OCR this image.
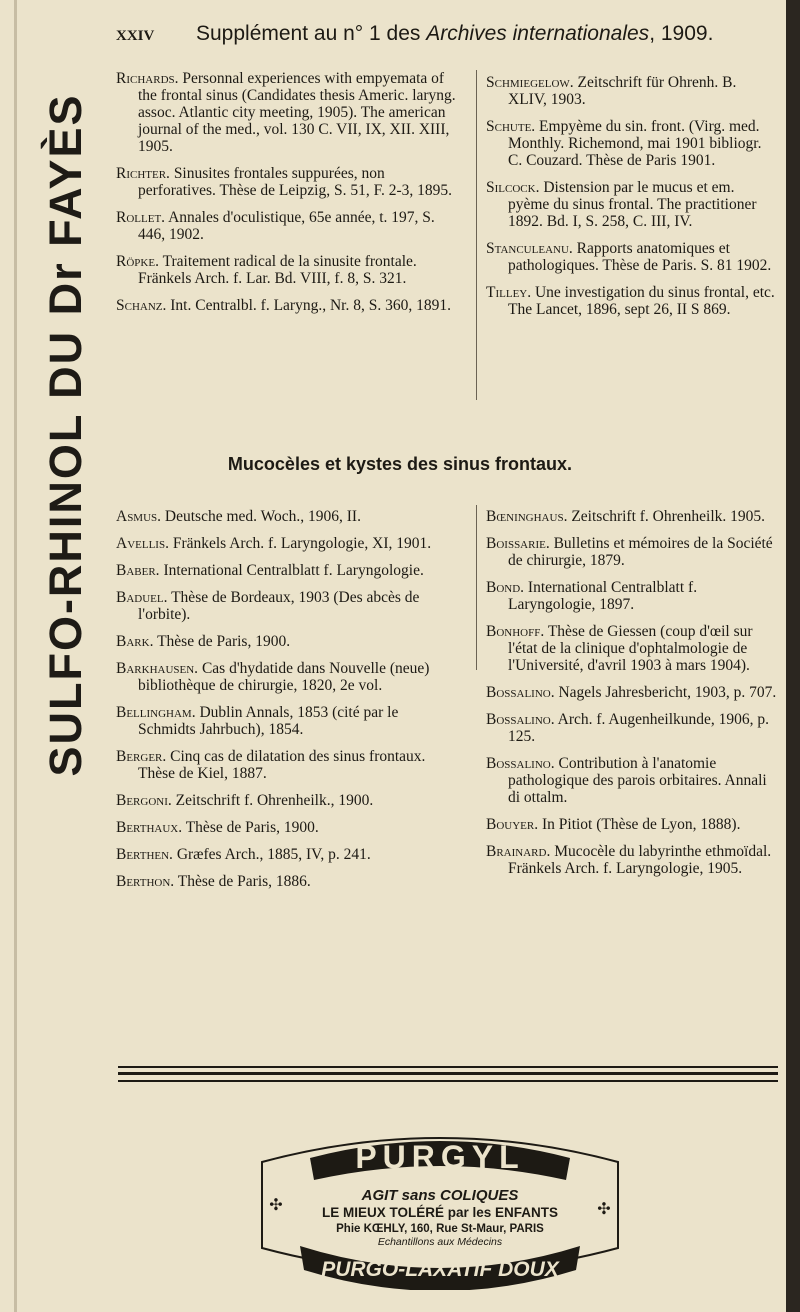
SULFO-RHINOL DU Dr FAYÈS
XXIV	Supplément au n° 1 des Archives internationales, 1909.
Richards. Personnal experiences with empyemata of the frontal sinus (Candidates thesis Americ. laryng. assoc. Atlantic city meeting, 1905). The american journal of the med., vol. 130 C. VII, IX, XII. XIII, 1905.
Richter. Sinusites frontales suppurées, non perforatives. Thèse de Leipzig, S. 51, F. 2-3, 1895.
Rollet. Annales d'oculistique, 65e année, t. 197, S. 446, 1902.
Röpke. Traitement radical de la sinusite frontale. Fränkels Arch. f. Lar. Bd. VIII, f. 8, S. 321.
Schanz. Int. Centralbl. f. Laryng., Nr. 8, S. 360, 1891.
Schmiegelow. Zeitschrift für Ohrenh. B. XLIV, 1903.
Schute. Empyème du sin. front. (Virg. med. Monthly. Richemond, mai 1901 bibliogr. C. Couzard. Thèse de Paris 1901.
Silcock. Distension par le mucus et em. pyème du sinus frontal. The practitioner 1892. Bd. I, S. 258, C. III, IV.
Stanculeanu. Rapports anatomiques et pathologiques. Thèse de Paris. S. 81 1902.
Tilley. Une investigation du sinus frontal, etc. The Lancet, 1896, sept 26, II S 869.
Mucocèles et kystes des sinus frontaux.
Asmus. Deutsche med. Woch., 1906, II.
Avellis. Fränkels Arch. f. Laryngologie, XI, 1901.
Baber. International Centralblatt f. Laryngologie.
Baduel. Thèse de Bordeaux, 1903 (Des abcès de l'orbite).
Bark. Thèse de Paris, 1900.
Barkhausen. Cas d'hydatide dans Nouvelle (neue) bibliothèque de chirurgie, 1820, 2e vol.
Bellingham. Dublin Annals, 1853 (cité par le Schmidts Jahrbuch), 1854.
Berger. Cinq cas de dilatation des sinus frontaux. Thèse de Kiel, 1887.
Bergoni. Zeitschrift f. Ohrenheilk., 1900.
Berthaux. Thèse de Paris, 1900.
Berthen. Græfes Arch., 1885, IV, p. 241.
Berthon. Thèse de Paris, 1886.
Bœninghaus. Zeitschrift f. Ohrenheilk. 1905.
Boissarie. Bulletins et mémoires de la Société de chirurgie, 1879.
Bond. International Centralblatt f. Laryngologie, 1897.
Bonhoff. Thèse de Giessen (coup d'œil sur l'état de la clinique d'ophtalmologie de l'Université, d'avril 1903 à mars 1904).
Bossalino. Nagels Jahresbericht, 1903, p. 707.
Bossalino. Arch. f. Augenheilkunde, 1906, p. 125.
Bossalino. Contribution à l'anatomie pathologique des parois orbitaires. Annali di ottalm.
Bouyer. In Pitiot (Thèse de Lyon, 1888).
Brainard. Mucocèle du labyrinthe ethmoïdal. Fränkels Arch. f. Laryngologie, 1905.
PURGYL
AGIT sans COLIQUES
LE MIEUX TOLÉRÉ par les ENFANTS
Phie KŒHLY, 160, Rue St-Maur, PARIS
Echantillons aux Médecins
PURGO-LAXATIF DOUX
✣	✣
